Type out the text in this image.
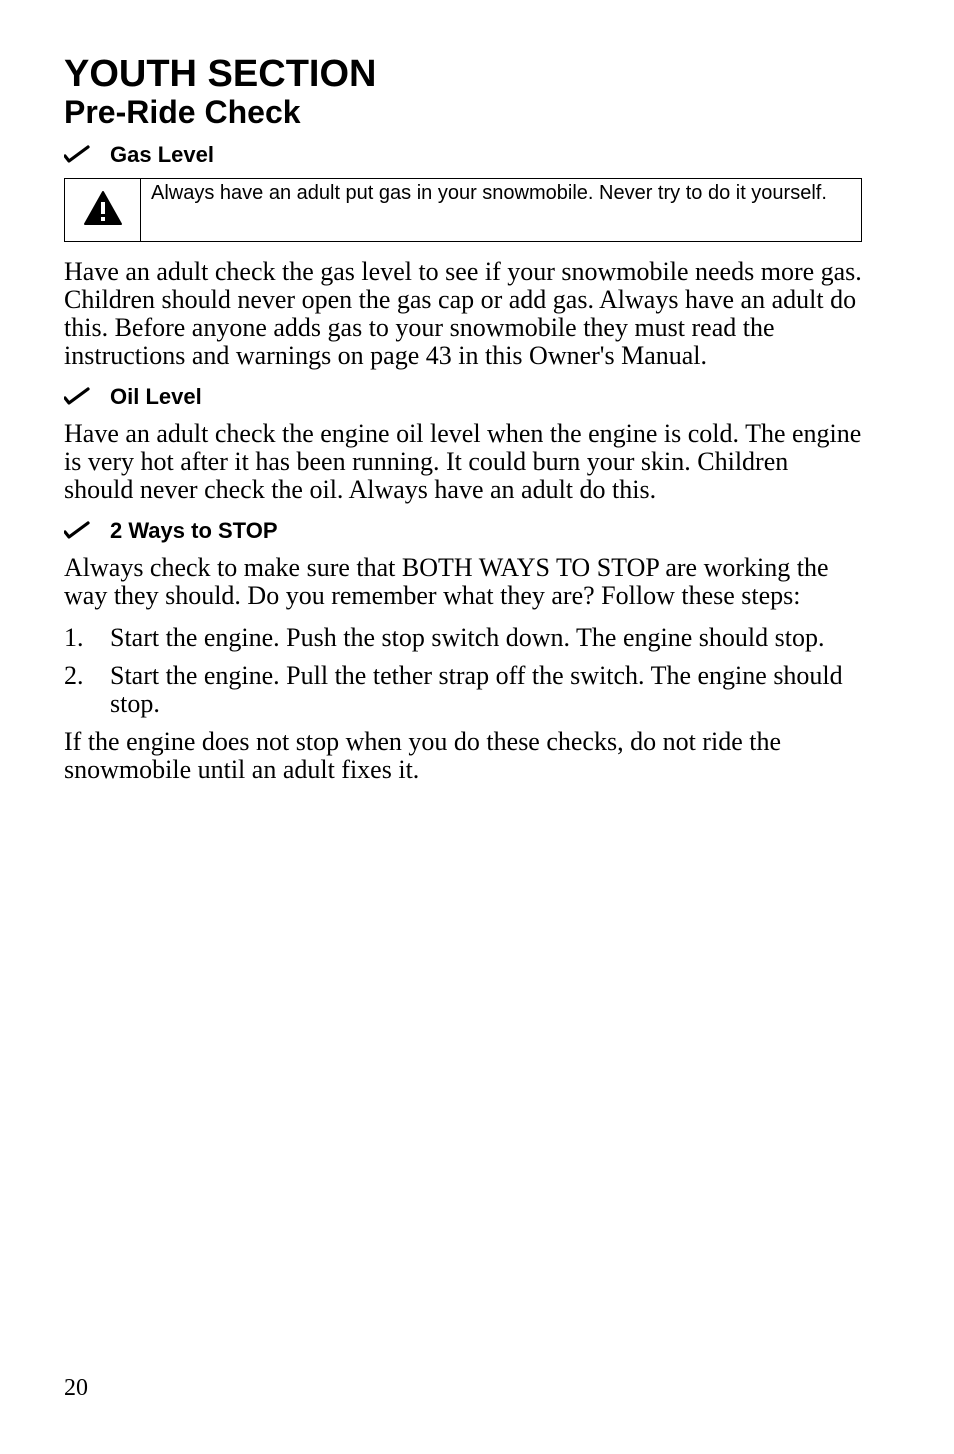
YOUTH SECTION
Pre-Ride Check
Gas Level
Always have an adult put gas in your snowmobile. Never try to do it yourself.

Have an adult check the gas level to see if your snowmobile needs more gas. Children should never open the gas cap or add gas. Always have an adult do this. Before anyone adds gas to your snowmobile they must read the instructions and warnings on page 43 in this Owner's Manual.

Oil Level

Have an adult check the engine oil level when the engine is cold. The engine is very hot after it has been running. It could burn your skin. Children should never check the oil. Always have an adult do this.

2 Ways to STOP

Always check to make sure that BOTH WAYS TO STOP are working the way they should. Do you remember what they are? Follow these steps:

1.	Start the engine. Push the stop switch down. The engine should stop.
2.	Start the engine. Pull the tether strap off the switch. The engine should stop.

If the engine does not stop when you do these checks, do not ride the snowmobile until an adult fixes it.

20
